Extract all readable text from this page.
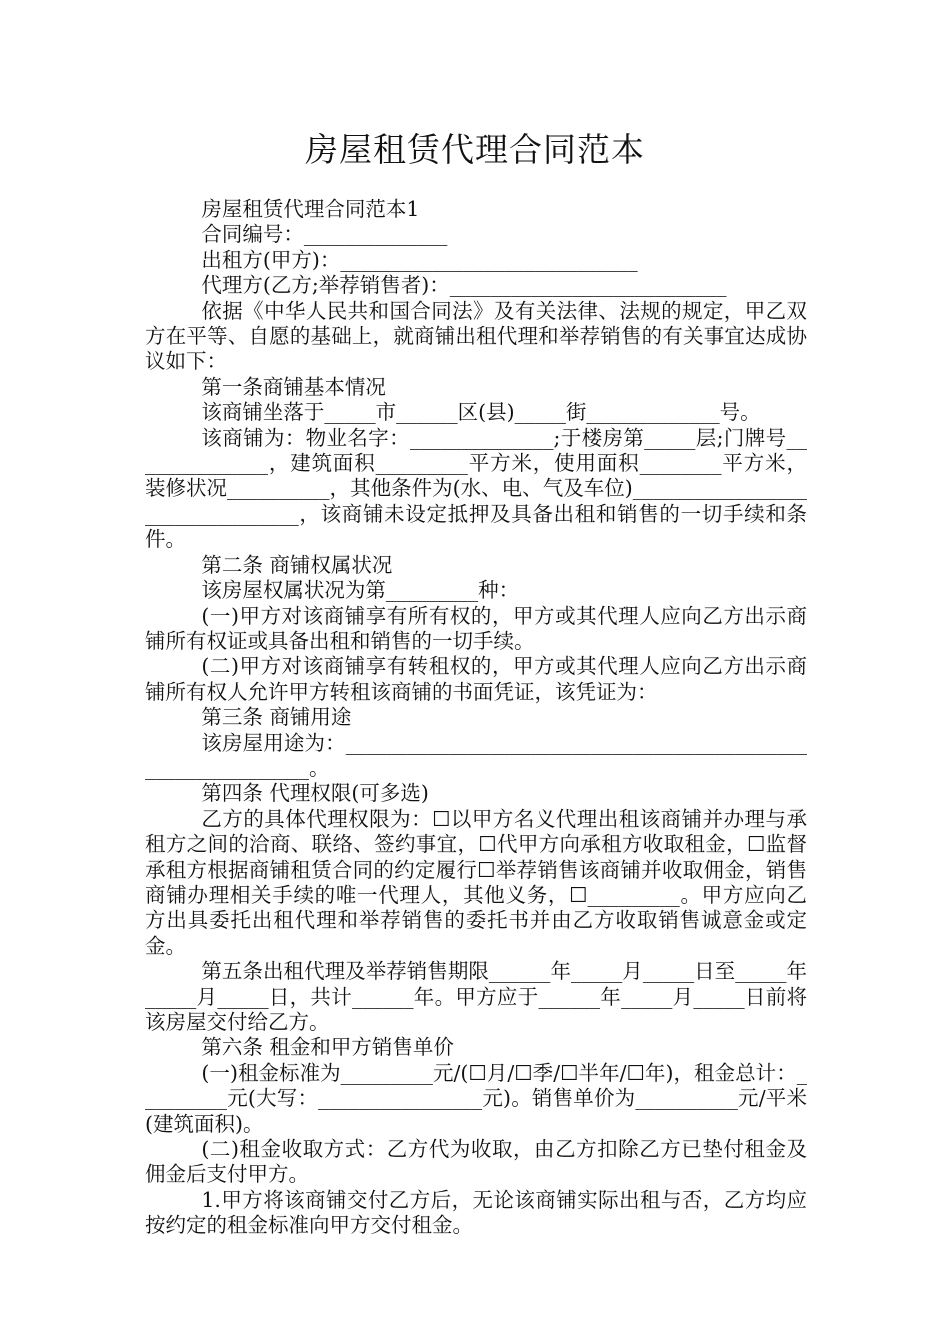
房屋租赁代理合同范本

房屋租赁代理合同范本1

合同编号：______________

出租方(甲方)：_____________________________

代理方(乙方;举荐销售者)：___________________________

依据《中华人民共和国合同法》及有关法律、法规的规定，甲乙双方在平等、自愿的基础上，就商铺出租代理和举荐销售的有关事宜达成协议如下：

第一条商铺基本情况

该商铺坐落于_____市______区(县)_____街_____________号。

该商铺为：物业名字：______________;于楼房第_____层;门牌号______________，建筑面积_________平方米，使用面积________平方米，装修状况__________，其他条件为(水、电、气及车位)________________________________，该商铺未设定抵押及具备出租和销售的一切手续和条件。

第二条 商铺权属状况

该房屋权属状况为第_________种：

(一)甲方对该商铺享有所有权的，甲方或其代理人应向乙方出示商铺所有权证或具备出租和销售的一切手续。

(二)甲方对该商铺享有转租权的，甲方或其代理人应向乙方出示商铺所有权人允许甲方转租该商铺的书面凭证，该凭证为：

第三条 商铺用途

该房屋用途为：_____________________________________________________________。

第四条 代理权限(可多选)

乙方的具体代理权限为：☐以甲方名义代理出租该商铺并办理与承租方之间的洽商、联络、签约事宜，☐代甲方向承租方收取租金，☐监督承租方根据商铺租赁合同的约定履行☐举荐销售该商铺并收取佣金，销售商铺办理相关手续的唯一代理人，其他义务，☐_________。甲方应向乙方出具委托出租代理和举荐销售的委托书并由乙方收取销售诚意金或定金。

第五条出租代理及举荐销售期限______年_____月_____日至_____年_____月_____日，共计______年。甲方应于______年_____月_____日前将该房屋交付给乙方。

第六条 租金和甲方销售单价

(一)租金标准为_________元/(☐月/☐季/☐半年/☐年)，租金总计：_________元(大写：________________元)。销售单价为__________元/平米(建筑面积)。

(二)租金收取方式：乙方代为收取，由乙方扣除乙方已垫付租金及佣金后支付甲方。

1.甲方将该商铺交付乙方后，无论该商铺实际出租与否，乙方均应按约定的租金标准向甲方交付租金。
